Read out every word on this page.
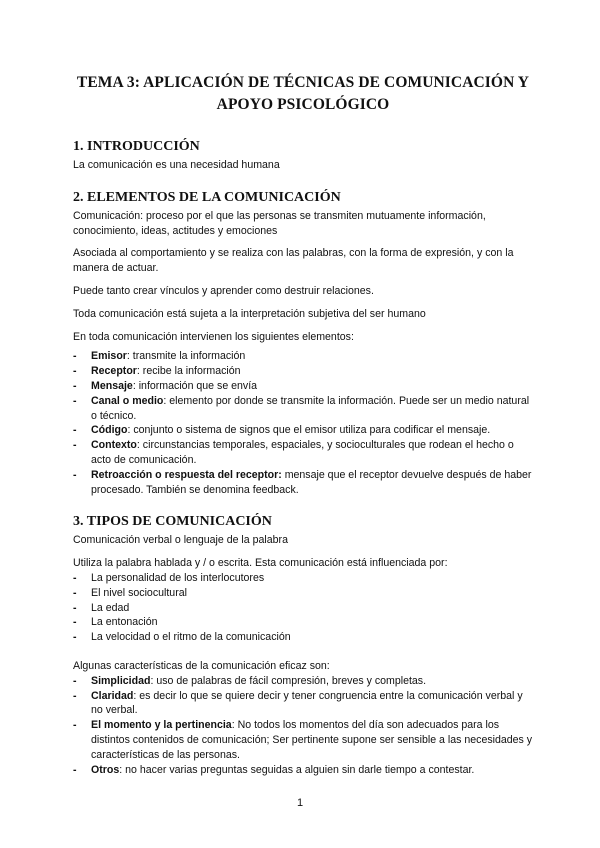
TEMA 3: APLICACIÓN DE TÉCNICAS DE COMUNICACIÓN Y APOYO PSICOLÓGICO
1. INTRODUCCIÓN

La comunicación es una necesidad humana

2. ELEMENTOS DE LA COMUNICACIÓN

Comunicación: proceso por el que las personas se transmiten mutuamente información, conocimiento, ideas, actitudes y emociones

Asociada al comportamiento y se realiza con las palabras, con la forma de expresión, y con la manera de actuar.

Puede tanto crear vínculos y aprender como destruir relaciones.

Toda comunicación está sujeta a la interpretación subjetiva del ser humano

En toda comunicación intervienen los siguientes elementos:

- Emisor: transmite la información
- Receptor: recibe la información
- Mensaje: información que se envía
- Canal o medio: elemento por donde se transmite la información. Puede ser un medio natural o técnico.
- Código: conjunto o sistema de signos que el emisor utiliza para codificar el mensaje.
- Contexto: circunstancias temporales, espaciales, y socioculturales que rodean el hecho o acto de comunicación.
- Retroacción o respuesta del receptor: mensaje que el receptor devuelve después de haber procesado. También se denomina feedback.
3. TIPOS DE COMUNICACIÓN

Comunicación verbal o lenguaje de la palabra

Utiliza la palabra hablada y / o escrita. Esta comunicación está influenciada por:

- La personalidad de los interlocutores
- El nivel sociocultural
- La edad
- La entonación
- La velocidad o el ritmo de la comunicación

Algunas características de la comunicación eficaz son:

- Simplicidad: uso de palabras de fácil compresión, breves y completas.
- Claridad: es decir lo que se quiere decir y tener congruencia entre la comunicación verbal y no verbal.
- El momento y la pertinencia: No todos los momentos del día son adecuados para los distintos contenidos de comunicación; Ser pertinente supone ser sensible a las necesidades y características de las personas.
- Otros: no hacer varias preguntas seguidas a alguien sin darle tiempo a contestar.
1
